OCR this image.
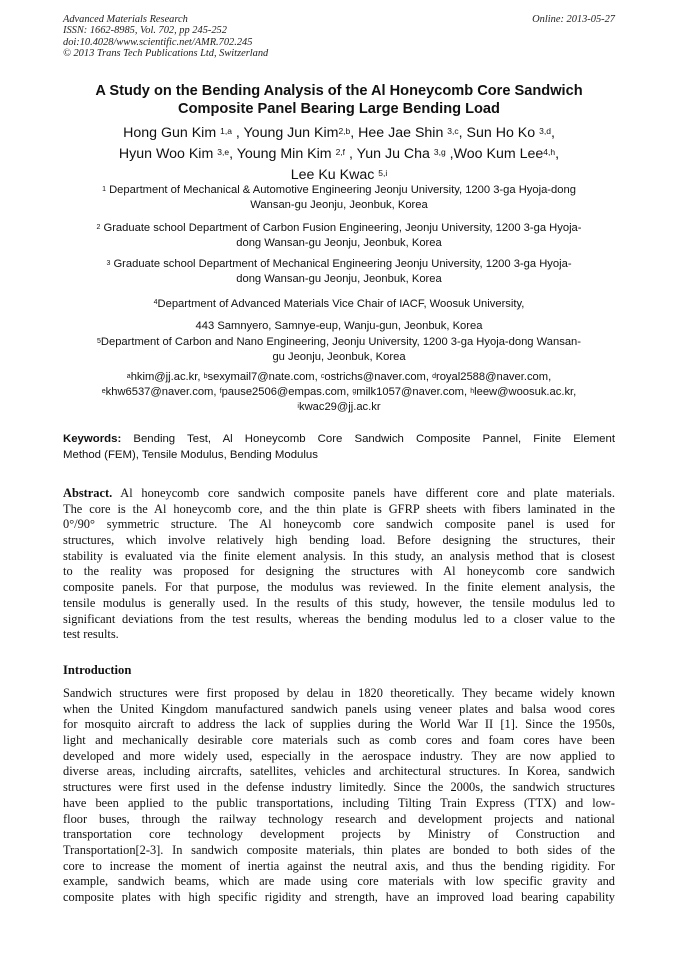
Advanced Materials Research
ISSN: 1662-8985, Vol. 702, pp 245-252
doi:10.4028/www.scientific.net/AMR.702.245
© 2013 Trans Tech Publications Ltd, Switzerland
Online: 2013-05-27
A Study on the Bending Analysis of the Al Honeycomb Core Sandwich
Composite Panel Bearing Large Bending Load
Hong Gun Kim $^{1,a}$ , Young Jun Kim$^{2,b}$, Hee Jae Shin $^{3,c}$, Sun Ho Ko $^{3,d}$,
Hyun Woo Kim $^{3,e}$, Young Min Kim $^{2,f}$ , Yun Ju Cha $^{3,g}$ ,Woo Kum Lee$^{4,h}$,
Lee Ku Kwac $^{5,i}$
$^1$ Department of Mechanical & Automotive Engineering Jeonju University, 1200 3-ga Hyoja-dong
Wansan-gu Jeonju, Jeonbuk, Korea
$^2$ Graduate school Department of Carbon Fusion Engineering, Jeonju University, 1200 3-ga Hyoja-
dong Wansan-gu Jeonju, Jeonbuk, Korea
$^3$ Graduate school Department of Mechanical Engineering Jeonju University, 1200 3-ga Hyoja-
dong Wansan-gu Jeonju, Jeonbuk, Korea
$^4$Department of Advanced Materials Vice Chair of IACF, Woosuk University,
443 Samnyero, Samnye-eup, Wanju-gun, Jeonbuk, Korea
$^5$Department of Carbon and Nano Engineering, Jeonju University, 1200 3-ga Hyoja-dong Wansan-
gu Jeonju, Jeonbuk, Korea
$^a$hkim@jj.ac.kr, $^b$sexymail7@nate.com, $^c$ostrichs@naver.com, $^d$royal2588@naver.com,
$^e$khw6537@naver.com, $^f$pause2506@empas.com, $^g$milk1057@naver.com, $^h$leew@woosuk.ac.kr,
$^i$kwac29@jj.ac.kr
Keywords: Bending Test, Al Honeycomb Core Sandwich Composite Pannel, Finite Element
Method (FEM), Tensile Modulus, Bending Modulus
Abstract. Al honeycomb core sandwich composite panels have different core and plate materials.
The core is the Al honeycomb core, and the thin plate is GFRP sheets with fibers laminated in the
0°/90° symmetric structure. The Al honeycomb core sandwich composite panel is used for
structures, which involve relatively high bending load. Before designing the structures, their
stability is evaluated via the finite element analysis. In this study, an analysis method that is closest
to the reality was proposed for designing the structures with Al honeycomb core sandwich
composite panels. For that purpose, the modulus was reviewed. In the finite element analysis, the
tensile modulus is generally used. In the results of this study, however, the tensile modulus led to
significant deviations from the test results, whereas the bending modulus led to a closer value to the
test results.
Introduction
Sandwich structures were first proposed by delau in 1820 theoretically. They became widely known
when the United Kingdom manufactured sandwich panels using veneer plates and balsa wood cores
for mosquito aircraft to address the lack of supplies during the World War II [1]. Since the 1950s,
light and mechanically desirable core materials such as comb cores and foam cores have been
developed and more widely used, especially in the aerospace industry. They are now applied to
diverse areas, including aircrafts, satellites, vehicles and architectural structures. In Korea, sandwich
structures were first used in the defense industry limitedly. Since the 2000s, the sandwich structures
have been applied to the public transportations, including Tilting Train Express (TTX) and low-
floor buses, through the railway technology research and development projects and national
transportation core technology development projects by Ministry of Construction and
Transportation[2-3]. In sandwich composite materials, thin plates are bonded to both sides of the
core to increase the moment of inertia against the neutral axis, and thus the bending rigidity. For
example, sandwich beams, which are made using core materials with low specific gravity and
composite plates with high specific rigidity and strength, have an improved load bearing capability
